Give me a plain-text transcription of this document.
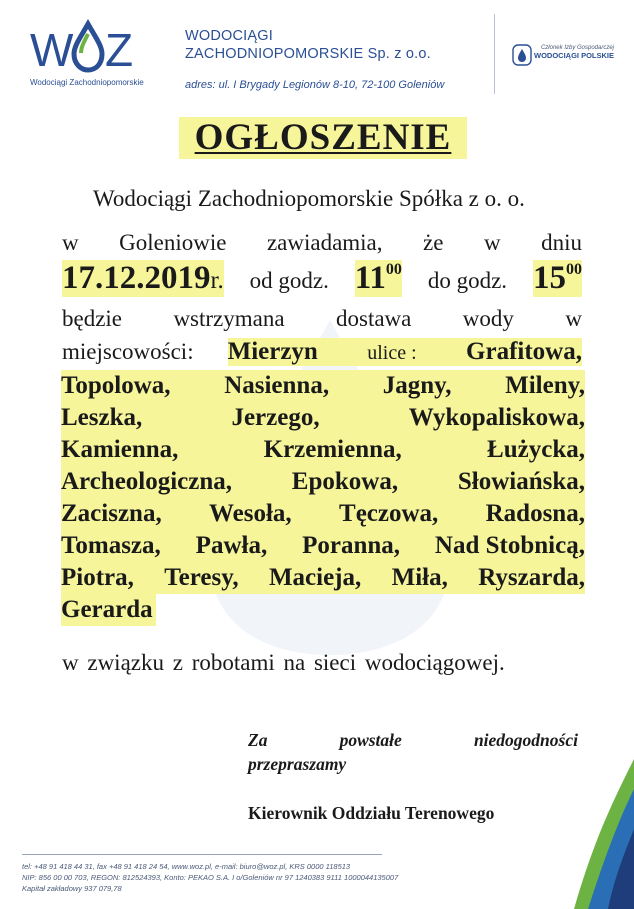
W Z
Wodociągi Zachodniopomorskie
WODOCIĄGI
ZACHODNIOPOMORSKIE Sp. z o.o.
adres: ul. I Brygady Legionów 8-10, 72-100 Goleniów
Członek Izby Gospodarczej
WODOCIĄGI POLSKIE
OGŁOSZENIE
Wodociągi Zachodniopomorskie Spółka z o. o.
w Goleniowie zawiadamia, że w dniu
17.12.2019r. od godz. $11^{00}$ do godz. $15^{00}$
będzie wstrzymana dostawa wody w
miejscowości: Mierzyn ulice : Grafitowa,
Topolowa, Nasienna, Jagny, Mileny,
Leszka,	Jerzego,	Wykopaliskowa,
Kamienna,	Krzemienna,	Łużycka,
Archeologiczna, Epokowa, Słowiańska,
Zaciszna, Wesoła, Tęczowa, Radosna,
Tomasza, Pawła, Poranna, Nad Stobnicą,
Piotra, Teresy, Macieja, Miła, Ryszarda,
Gerarda
w związku z robotami na sieci wodociągowej.
Za	powstałe	niedogodności
przepraszamy
Kierownik Oddziału Terenowego
tel: +48 91 418 44 31, fax +48 91 418 24 54, www.woz.pl, e-mail: biuro@woz.pl, KRS 0000 118513
NIP: 856 00 00 703, REGON: 812524393, Konto: PEKAO S.A. I o/Goleniów nr 97 1240383 9111 1000044135007
Kapitał zakładowy 937 079,78
